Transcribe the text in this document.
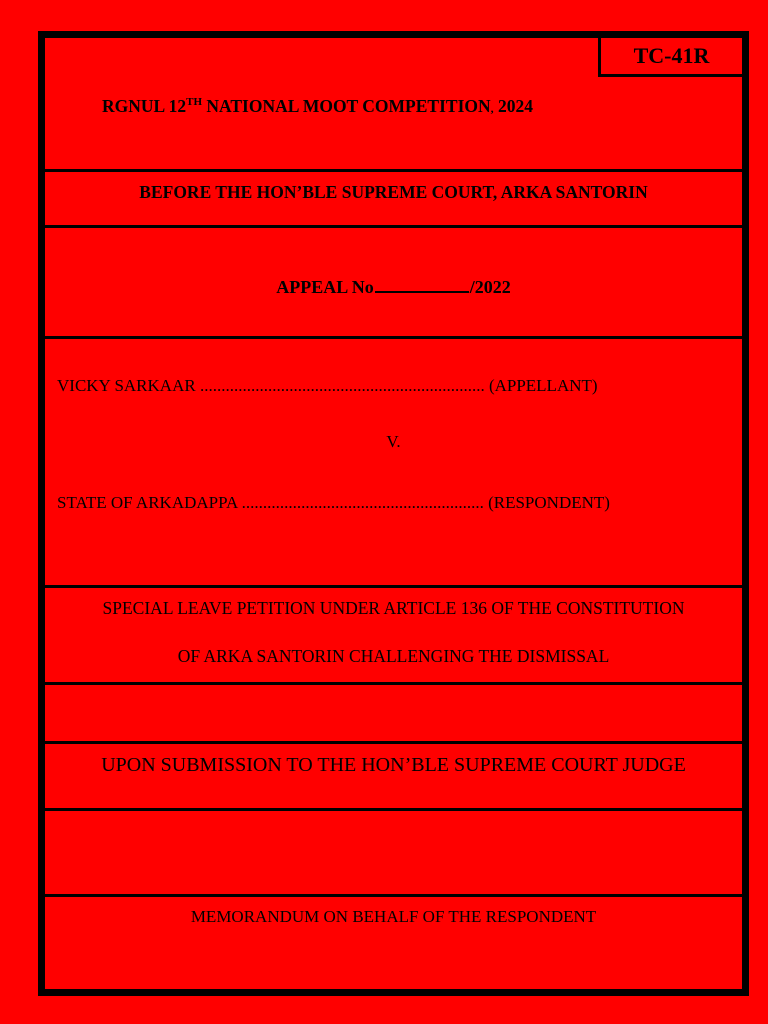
TC-41R
RGNUL 12TH NATIONAL MOOT COMPETITION, 2024
BEFORE THE HON’BLE SUPREME COURT, ARKA SANTORIN
APPEAL No	/2022
VICKY SARKAAR ................................................................... (APPELLANT)
V.
STATE OF ARKADAPPA ......................................................... (RESPONDENT)
SPECIAL LEAVE PETITION UNDER ARTICLE 136 OF THE CONSTITUTION
OF ARKA SANTORIN CHALLENGING THE DISMISSAL
UPON SUBMISSION TO THE HON’BLE SUPREME COURT JUDGE
MEMORANDUM ON BEHALF OF THE RESPONDENT
